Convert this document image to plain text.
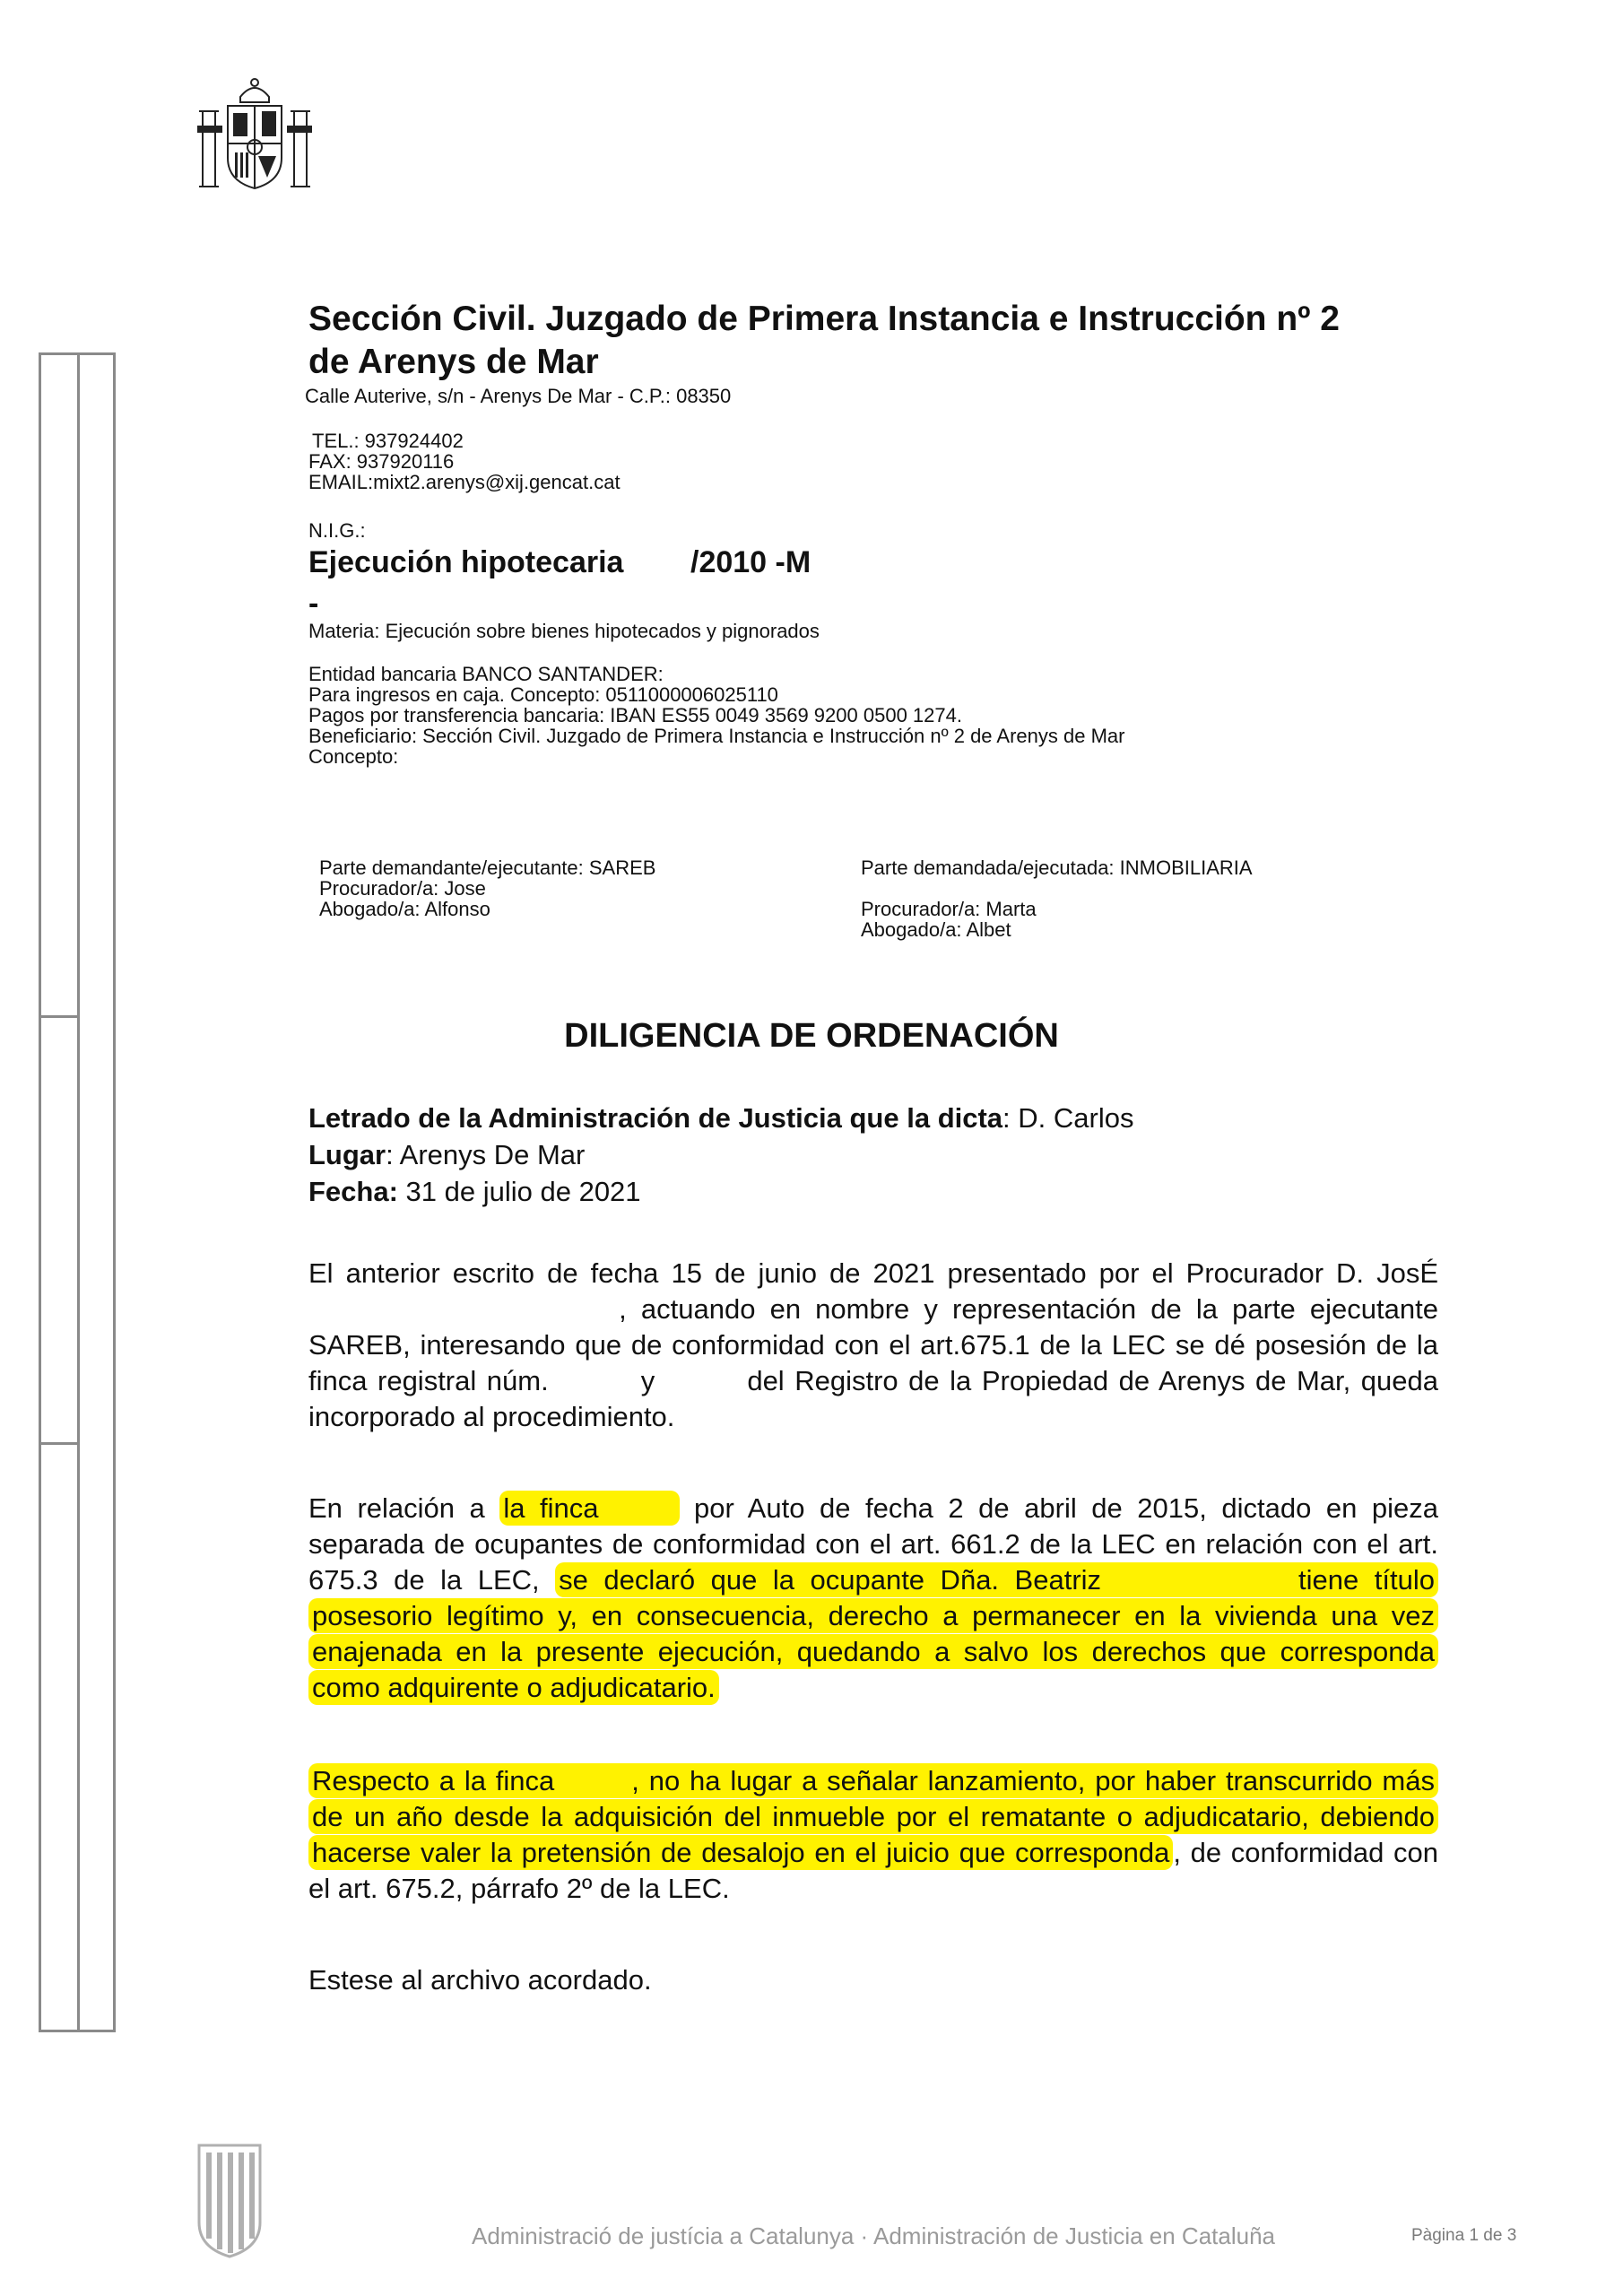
Sección Civil. Juzgado de Primera Instancia e Instrucción nº 2
de Arenys de Mar
Calle Auterive, s/n - Arenys De Mar - C.P.: 08350
TEL.: 937924402
FAX: 937920116
EMAIL:mixt2.arenys@xij.gencat.cat
N.I.G.:
Ejecución hipotecaria /2010 -M
-
Materia: Ejecución sobre bienes hipotecados y pignorados
Entidad bancaria BANCO SANTANDER:
Para ingresos en caja. Concepto: 0511000006025110
Pagos por transferencia bancaria: IBAN ES55 0049 3569 9200 0500 1274.
Beneficiario: Sección Civil. Juzgado de Primera Instancia e Instrucción nº 2 de Arenys de Mar
Concepto:
Parte demandante/ejecutante: SAREB
Procurador/a: Jose
Abogado/a: Alfonso
Parte demandada/ejecutada: INMOBILIARIA
Procurador/a: Marta
Abogado/a: Albet
DILIGENCIA DE ORDENACIÓN
Letrado de la Administración de Justicia que la dicta: D. Carlos
Lugar: Arenys De Mar
Fecha: 31 de julio de 2021
El anterior escrito de fecha 15 de junio de 2021 presentado por el Procurador D. JosÉ  , actuando en nombre y representación de la parte ejecutante SAREB, interesando que de conformidad con el art.675.1 de la LEC se dé posesión de la finca registral núm.	y	del Registro de la Propiedad de Arenys de Mar, queda incorporado al procedimiento.
En relación a la finca	por Auto de fecha 2 de abril de 2015, dictado en pieza separada de ocupantes de conformidad con el art. 661.2 de la LEC en relación con el art. 675.3 de la LEC, se declaró que la ocupante Dña. Beatriz	tiene título posesorio legítimo y, en consecuencia, derecho a permanecer en la vivienda una vez enajenada en la presente ejecución, quedando a salvo los derechos que corresponda como adquirente o adjudicatario.
Respecto a la finca	, no ha lugar a señalar lanzamiento, por haber transcurrido más de un año desde la adquisición del inmueble por el rematante o adjudicatario, debiendo hacerse valer la pretensión de desalojo en el juicio que corresponda , de conformidad con el art. 675.2, párrafo 2º de la LEC.
Estese al archivo acordado.
Administració de justícia a Catalunya · Administración de Justicia en Cataluña	Pàgina 1 de 3
